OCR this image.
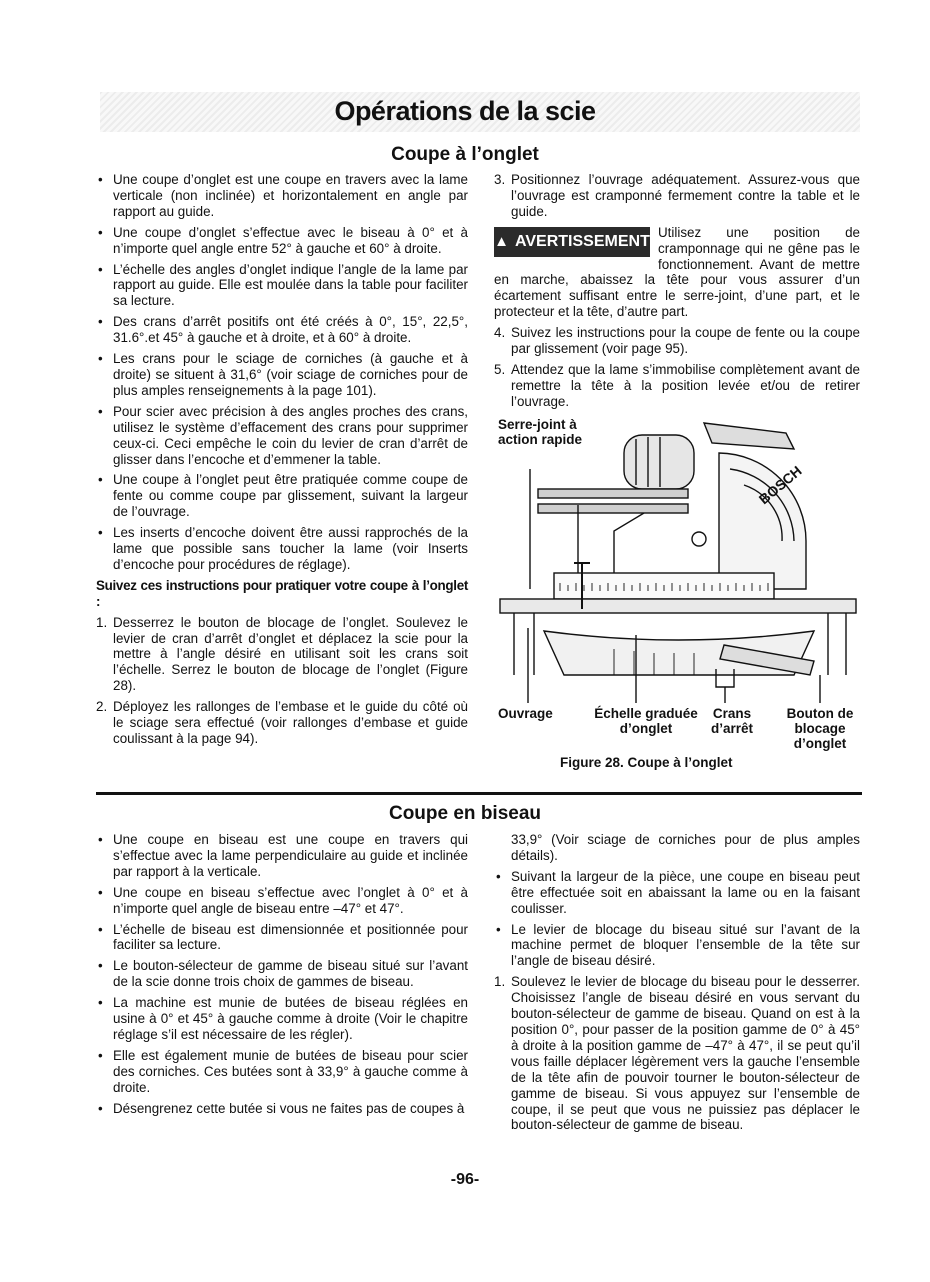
Opérations de la scie
Coupe à l’onglet
• Une coupe d’onglet est une coupe en travers avec la lame verticale (non inclinée) et horizontalement en angle par rapport au guide.
• Une coupe d’onglet s’effectue avec le biseau à 0° et à n’importe quel angle entre 52° à gauche et 60° à droite.
• L’échelle des angles d’onglet indique l’angle de la lame par rapport au guide. Elle est moulée dans la table pour faciliter sa lecture.
• Des crans d’arrêt positifs ont été créés à 0°, 15°, 22,5°, 31.6°.et 45° à gauche et à droite, et à 60° à droite.
• Les crans pour le sciage de corniches (à gauche et à droite) se situent à 31,6° (voir sciage de corniches pour de plus amples renseignements à la page 101).
• Pour scier avec précision à des angles proches des crans, utilisez le système d’effacement des crans pour supprimer ceux-ci. Ceci empêche le coin du levier de cran d’arrêt de glisser dans l’encoche et d’emmener la table.
• Une coupe à l’onglet peut être pratiquée comme coupe de fente ou comme coupe par glissement, suivant la largeur de l’ouvrage.
• Les inserts d’encoche doivent être aussi rapprochés de la lame que possible sans toucher la lame (voir Inserts d’encoche pour procédures de réglage).

Suivez ces instructions pour pratiquer votre coupe à l’onglet :

1. Desserrez le bouton de blocage de l’onglet. Soulevez le levier de cran d’arrêt d’onglet et déplacez la scie pour la mettre à l’angle désiré en utilisant soit les crans soit l’échelle. Serrez le bouton de blocage de l’onglet (Figure 28).
2. Déployez les rallonges de l’embase et le guide du côté où le sciage sera effectué (voir rallonges d’embase et guide coulissant à la page 94).
3. Positionnez l’ouvrage adéquatement. Assurez-vous que l’ouvrage est cramponné fermement contre la table et le guide.
▲ AVERTISSEMENT
Utilisez une position de cramponnage qui ne gêne pas le fonctionnement. Avant de mettre en marche, abaissez la tête pour vous assurer d’un écartement suffisant entre le serre-joint, d’une part, et le protecteur et la tête, d’autre part.
4. Suivez les instructions pour la coupe de fente ou la coupe par glissement (voir page 95).
5. Attendez que la lame s’immobilise complètement avant de remettre la tête à la position levée et/ou de retirer l’ouvrage.
BOSCH
Serre-joint à
action rapide
Ouvrage	Échelle graduée
d’onglet
Crans
d’arrêt
Bouton de
blocage
d’onglet
Figure 28. Coupe à l’onglet
Coupe en biseau
• Une coupe en biseau est une coupe en travers qui s’effectue avec la lame perpendiculaire au guide et inclinée par rapport à la verticale.
• Une coupe en biseau s’effectue avec l’onglet à 0° et à n’importe quel angle de biseau entre –47° et 47°.
• L’échelle de biseau est dimensionnée et positionnée pour faciliter sa lecture.
• Le bouton-sélecteur de gamme de biseau situé sur l’avant de la scie donne trois choix de gammes de biseau.
• La machine est munie de butées de biseau réglées en usine à 0° et 45° à gauche comme à droite (Voir le chapitre réglage s’il est nécessaire de les régler).
• Elle est également munie de butées de biseau pour scier des corniches. Ces butées sont à 33,9° à gauche comme à droite.
• Désengrenez cette butée si vous ne faites pas de coupes à

33,9° (Voir sciage de corniches pour de plus amples détails).

• Suivant la largeur de la pièce, une coupe en biseau peut être effectuée soit en abaissant la lame ou en la faisant coulisser.
• Le levier de blocage du biseau situé sur l’avant de la machine permet de bloquer l’ensemble de la tête sur l’angle de biseau désiré.
1. Soulevez le levier de blocage du biseau pour le desserrer. Choisissez l’angle de biseau désiré en vous servant du bouton-sélecteur de gamme de biseau. Quand on est à la position 0°, pour passer de la position gamme de 0° à 45° à droite à la position gamme de –47° à 47°, il se peut qu’il vous faille déplacer légèrement vers la gauche l’ensemble de la tête afin de pouvoir tourner le bouton-sélecteur de gamme de biseau. Si vous appuyez sur l’ensemble de coupe, il se peut que vous ne puissiez pas déplacer le bouton-sélecteur de gamme de biseau.
-96-
